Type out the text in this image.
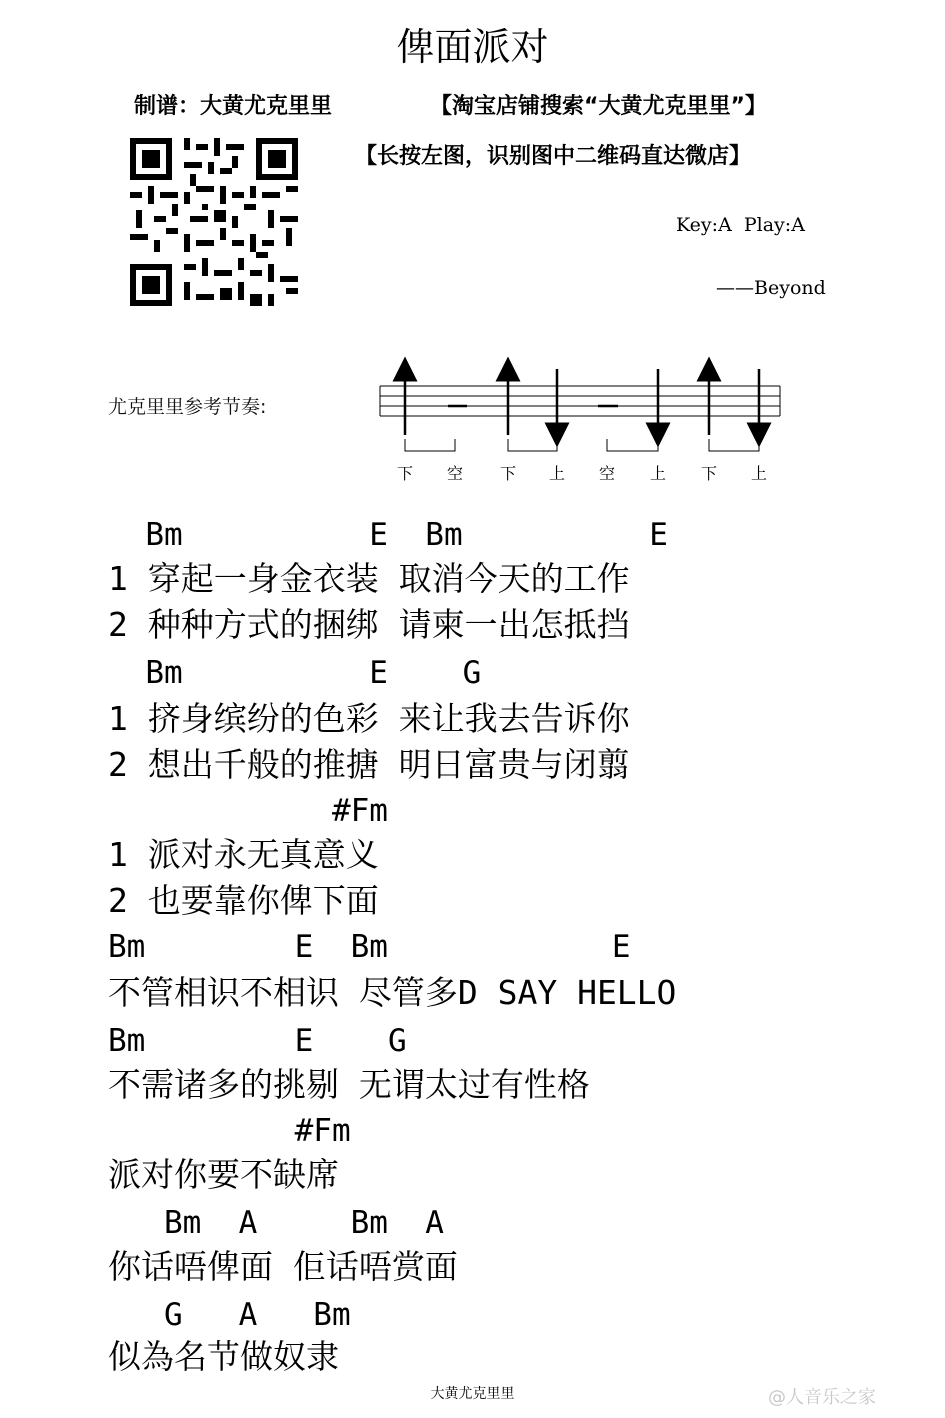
俾面派对
制谱：大黄尤克里里	【淘宝店铺搜索“大黄尤克里里”】
【长按左图，识别图中二维码直达微店】
Key:A  Play:A
——Beyond
尤克里里参考节奏:
下 空 下 上 空 上 下 上
Bm          E  Bm          E
1 穿起一身金衣装 取消今天的工作
2 种种方式的捆绑 请柬一出怎抵挡
Bm          E    G
1 挤身缤纷的色彩 来让我去告诉你
2 想出千般的推搪 明日富贵与闭翦
#Fm
1 派对永无真意义
2 也要靠你俾下面
Bm        E  Bm            E
不管相识不相识 尽管多D SAY HELLO
Bm        E    G
不需诸多的挑剔 无谓太过有性格
#Fm
派对你要不缺席
Bm  A     Bm  A
你话唔俾面 佢话唔赏面
G   A   Bm
似為名节做奴隶
大黄尤克里里	@人音乐之家
